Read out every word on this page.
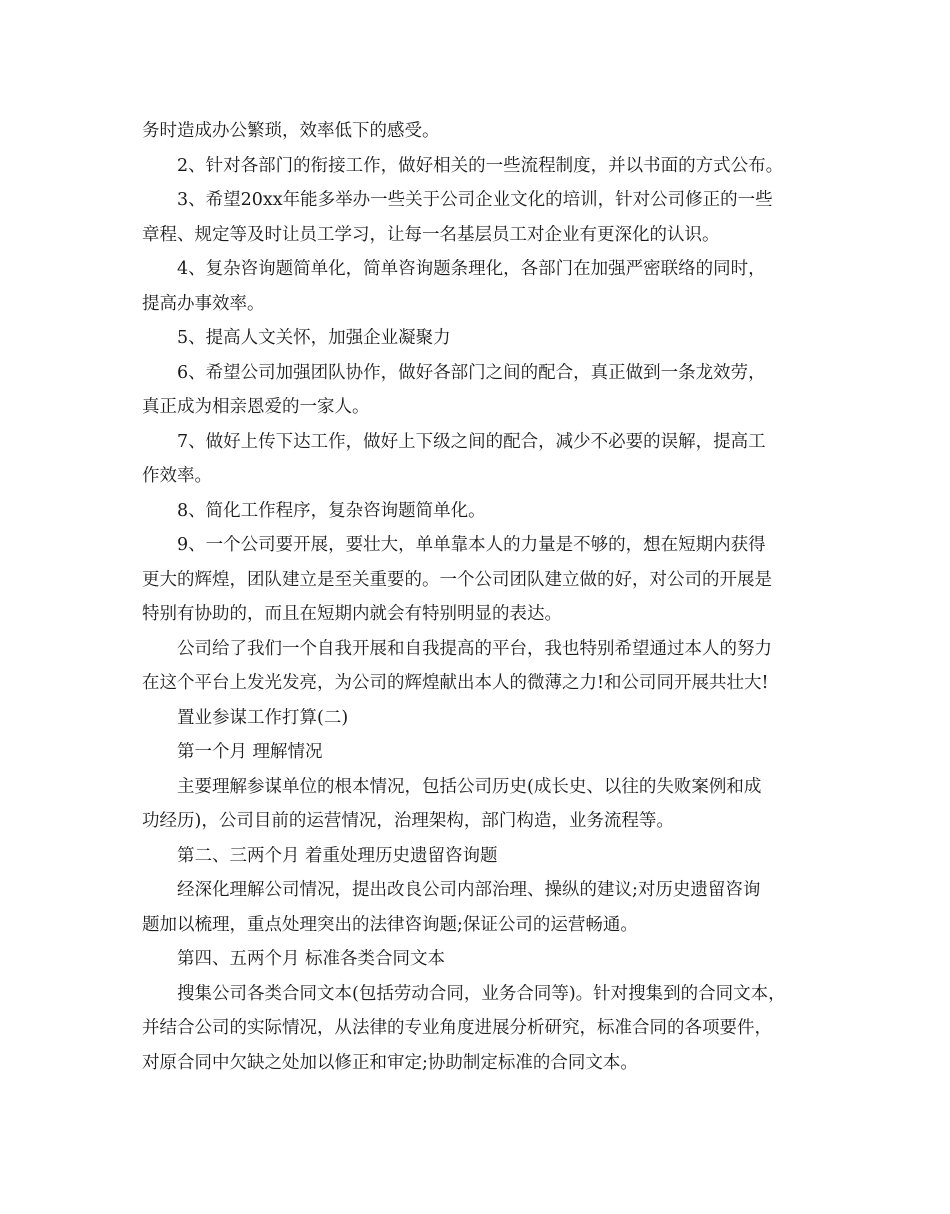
务时造成办公繁琐，效率低下的感受。

2、针对各部门的衔接工作，做好相关的一些流程制度，并以书面的方式公布。

3、希望20xx年能多举办一些关于公司企业文化的培训，针对公司修正的一些

章程、规定等及时让员工学习，让每一名基层员工对企业有更深化的认识。

4、复杂咨询题简单化，简单咨询题条理化，各部门在加强严密联络的同时，

提高办事效率。

5、提高人文关怀，加强企业凝聚力

6、希望公司加强团队协作，做好各部门之间的配合，真正做到一条龙效劳，

真正成为相亲恩爱的一家人。

7、做好上传下达工作，做好上下级之间的配合，减少不必要的误解，提高工

作效率。

8、简化工作程序，复杂咨询题简单化。

9、一个公司要开展，要壮大，单单靠本人的力量是不够的，想在短期内获得

更大的辉煌，团队建立是至关重要的。一个公司团队建立做的好，对公司的开展是

特别有协助的，而且在短期内就会有特别明显的表达。

公司给了我们一个自我开展和自我提高的平台，我也特别希望通过本人的努力

在这个平台上发光发亮，为公司的辉煌献出本人的微薄之力!和公司同开展共壮大!

置业参谋工作打算(二)

第一个月 理解情况

主要理解参谋单位的根本情况，包括公司历史(成长史、以往的失败案例和成

功经历)，公司目前的运营情况，治理架构，部门构造，业务流程等。

第二、三两个月 着重处理历史遗留咨询题

经深化理解公司情况，提出改良公司内部治理、操纵的建议;对历史遗留咨询

题加以梳理，重点处理突出的法律咨询题;保证公司的运营畅通。

第四、五两个月 标准各类合同文本

搜集公司各类合同文本(包括劳动合同，业务合同等)。针对搜集到的合同文本，

并结合公司的实际情况，从法律的专业角度进展分析研究，标准合同的各项要件，

对原合同中欠缺之处加以修正和审定;协助制定标准的合同文本。
